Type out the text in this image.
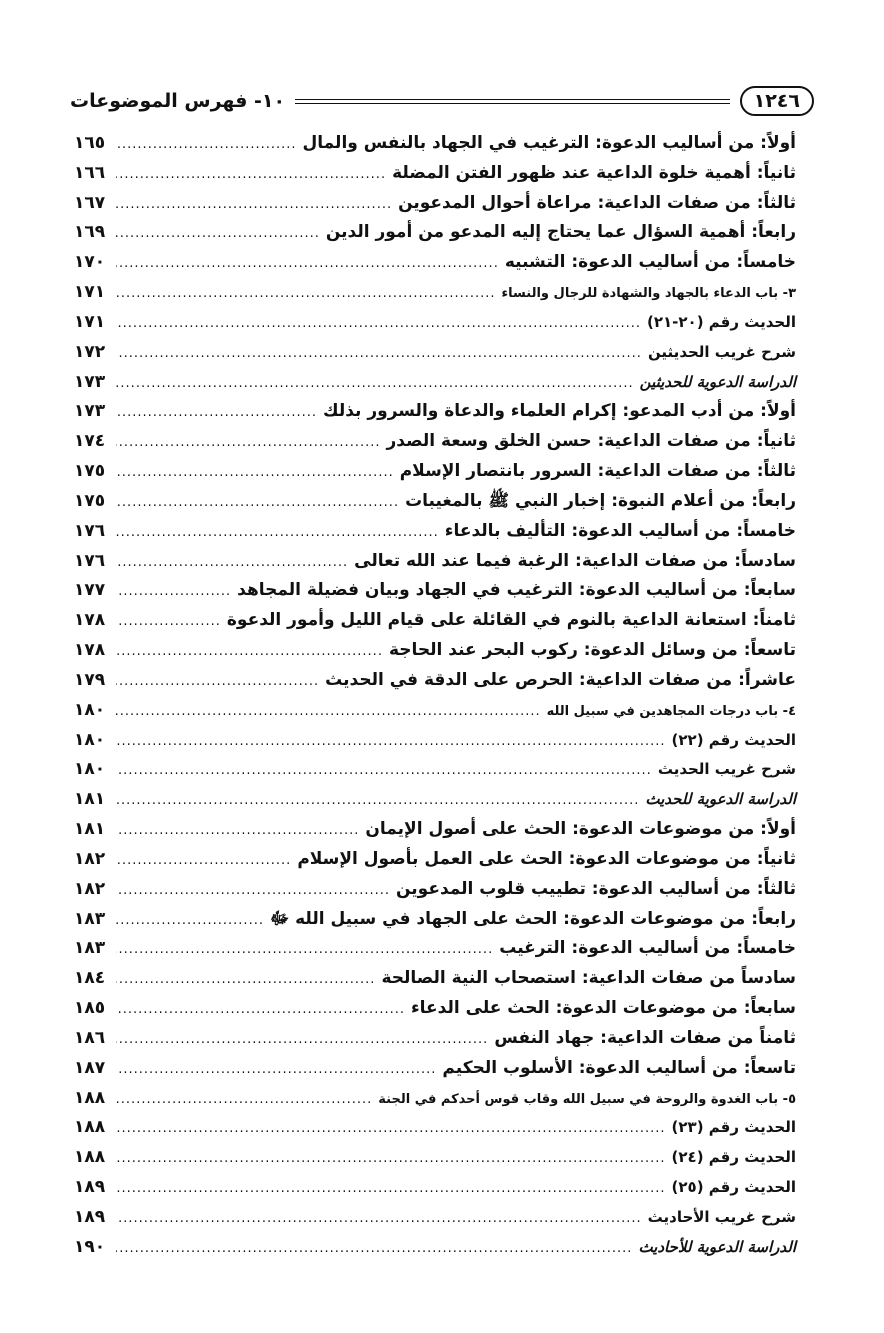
١٢٤٦
١٠- فهرس الموضوعات
أولاً: من أساليب الدعوة: الترغيب في الجهاد بالنفس والمال
.....
١٦٥
ثانياً: أهمية خلوة الداعية عند ظهور الفتن المضلة
.....
١٦٦
ثالثاً: من صفات الداعية: مراعاة أحوال المدعوين
.....
١٦٧
رابعاً: أهمية السؤال عما يحتاج إليه المدعو من أمور الدين
.....
١٦٩
خامساً: من أساليب الدعوة: التشبيه
.....
١٧٠
٣- باب الدعاء بالجهاد والشهادة للرجال والنساء
.....
١٧١
الحديث رقم (٢٠-٢١)
.....
١٧١
شرح غريب الحديثين
.....
١٧٢
الدراسة الدعوية للحديثين
.....
١٧٣
أولاً: من أدب المدعو: إكرام العلماء والدعاة والسرور بذلك
.....
١٧٣
ثانياً: من صفات الداعية: حسن الخلق وسعة الصدر
.....
١٧٤
ثالثاً: من صفات الداعية: السرور بانتصار الإسلام
.....
١٧٥
رابعاً: من أعلام النبوة: إخبار النبي ﷺ بالمغيبات
.....
١٧٥
خامساً: من أساليب الدعوة: التأليف بالدعاء
.....
١٧٦
سادساً: من صفات الداعية: الرغبة فيما عند الله تعالى
.....
١٧٦
سابعاً: من أساليب الدعوة: الترغيب في الجهاد وبيان فضيلة المجاهد
.....
١٧٧
ثامناً: استعانة الداعية بالنوم في القائلة على قيام الليل وأمور الدعوة
.....
١٧٨
تاسعاً: من وسائل الدعوة: ركوب البحر عند الحاجة
.....
١٧٨
عاشراً: من صفات الداعية: الحرص على الدقة في الحديث
.....
١٧٩
٤- باب درجات المجاهدين في سبيل الله
.....
١٨٠
الحديث رقم (٢٢)
.....
١٨٠
شرح غريب الحديث
.....
١٨٠
الدراسة الدعوية للحديث
.....
١٨١
أولاً: من موضوعات الدعوة: الحث على أصول الإيمان
.....
١٨١
ثانياً: من موضوعات الدعوة: الحث على العمل بأصول الإسلام
.....
١٨٢
ثالثاً: من أساليب الدعوة: تطييب قلوب المدعوين
.....
١٨٢
رابعاً: من موضوعات الدعوة: الحث على الجهاد في سبيل الله ﷻ
.....
١٨٣
خامساً: من أساليب الدعوة: الترغيب
.....
١٨٣
سادساً من صفات الداعية: استصحاب النية الصالحة
.....
١٨٤
سابعاً: من موضوعات الدعوة: الحث على الدعاء
.....
١٨٥
ثامناً من صفات الداعية: جهاد النفس
.....
١٨٦
تاسعاً: من أساليب الدعوة: الأسلوب الحكيم
.....
١٨٧
٥- باب الغدوة والروحة في سبيل الله وقاب قوس أحدكم في الجنة
.....
١٨٨
الحديث رقم (٢٣)
.....
١٨٨
الحديث رقم (٢٤)
.....
١٨٨
الحديث رقم (٢٥)
.....
١٨٩
شرح غريب الأحاديث
.....
١٨٩
الدراسة الدعوية للأحاديث
.....
١٩٠
